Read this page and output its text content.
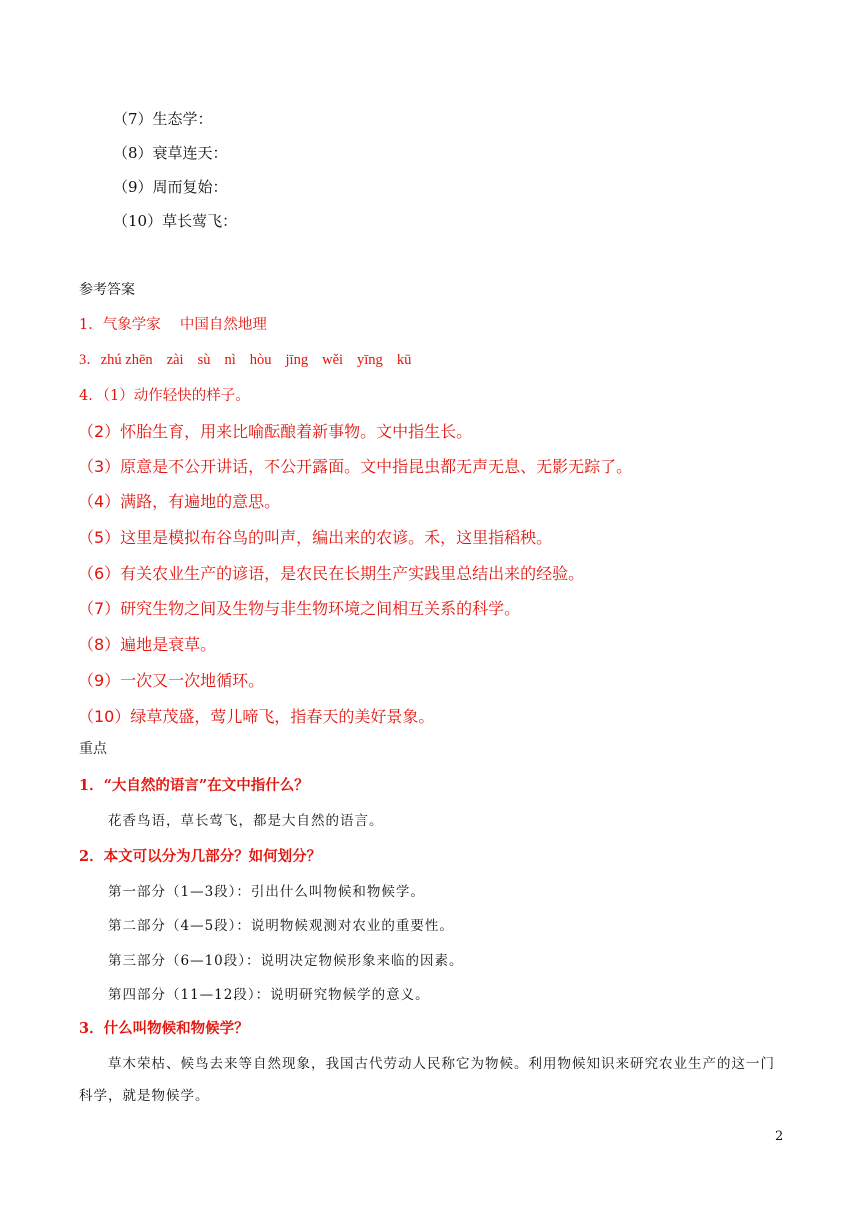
（7）生态学：
（8）衰草连天：
（9）周而复始：
（10）草长莺飞：
参考答案
1．气象学家　 中国自然地理
3．zhú zhēn zài sù nì hòu jīng wěi yīng kū
4．（1）动作轻快的样子。
（2）怀胎生育，用来比喻酝酿着新事物。文中指生长。
（3）原意是不公开讲话，不公开露面。文中指昆虫都无声无息、无影无踪了。
（4）满路，有遍地的意思。
（5）这里是模拟布谷鸟的叫声，编出来的农谚。禾，这里指稻秧。
（6）有关农业生产的谚语，是农民在长期生产实践里总结出来的经验。
（7）研究生物之间及生物与非生物环境之间相互关系的科学。
（8）遍地是衰草。
（9）一次又一次地循环。
（10）绿草茂盛，莺儿啼飞，指春天的美好景象。
重点
1．“大自然的语言”在文中指什么？
花香鸟语，草长莺飞，都是大自然的语言。
2．本文可以分为几部分？如何划分？
第一部分（1—3段）：引出什么叫物候和物候学。
第二部分（4—5段）：说明物候观测对农业的重要性。
第三部分（6—10段）：说明决定物候形象来临的因素。
第四部分（11—12段）：说明研究物候学的意义。
3．什么叫物候和物候学？
草木荣枯、候鸟去来等自然现象，我国古代劳动人民称它为物候。利用物候知识来研究农业生产的这一门科学，就是物候学。
2
